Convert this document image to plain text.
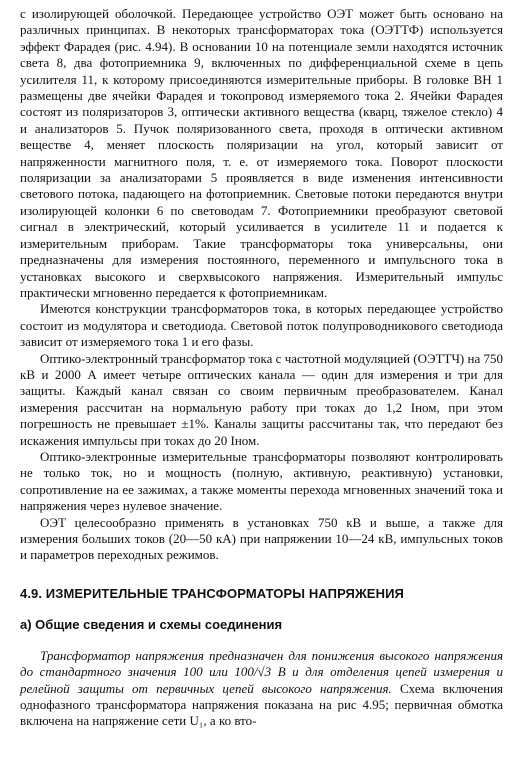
с изолирующей оболочкой. Передающее устройство ОЭТ может быть основано на различных принципах. В некоторых трансформаторах тока (ОЭТТФ) используется эффект Фарадея (рис. 4.94). В основании 10 на потенциале земли находятся источник света 8, два фотоприемника 9, включенных по дифференциальной схеме в цепь усилителя 11, к которому присоединяются измерительные приборы. В головке ВН 1 размещены две ячейки Фарадея и токопровод измеряемого тока 2. Ячейки Фарадея состоят из поляризаторов 3, оптически активного вещества (кварц, тяжелое стекло) 4 и анализаторов 5. Пучок поляризованного света, проходя в оптически активном веществе 4, меняет плоскость поляризации на угол, который зависит от напряженности магнитного поля, т. е. от измеряемого тока. Поворот плоскости поляризации за анализаторами 5 проявляется в виде изменения интенсивности светового потока, падающего на фотоприемник. Световые потоки передаются внутри изолирующей колонки 6 по световодам 7. Фотоприемники преобразуют световой сигнал в электрический, который усиливается в усилителе 11 и подается к измерительным приборам. Такие трансформаторы тока универсальны, они предназначены для измерения постоянного, переменного и импульсного тока в установках высокого и сверхвысокого напряжения. Измерительный импульс практически мгновенно передается к фотоприемникам.

Имеются конструкции трансформаторов тока, в которых передающее устройство состоит из модулятора и светодиода. Световой поток полупроводникового светодиода зависит от измеряемого тока 1 и его фазы.

Оптико-электронный трансформатор тока с частотной модуляцией (ОЭТТЧ) на 750 кВ и 2000 А имеет четыре оптических канала — один для измерения и три для защиты. Каждый канал связан со своим первичным преобразователем. Канал измерения рассчитан на нормальную работу при токах до 1,2 Iном, при этом погрешность не превышает ±1%. Каналы защиты рассчитаны так, что передают без искажения импульсы при токах до 20 Iном.

Оптико-электронные измерительные трансформаторы позволяют контролировать не только ток, но и мощность (полную, активную, реактивную) установки, сопротивление на ее зажимах, а также моменты перехода мгновенных значений тока и напряжения через нулевое значение.

ОЭТ целесообразно применять в установках 750 кВ и выше, а также для измерения больших токов (20—50 кА) при напряжении 10—24 кВ, импульсных токов и параметров переходных режимов.

4.9. ИЗМЕРИТЕЛЬНЫЕ ТРАНСФОРМАТОРЫ НАПРЯЖЕНИЯ
а) Общие сведения и схемы соединения

Трансформатор напряжения предназначен для понижения высокого напряжения до стандартного значения 100 или 100/√3 В и для отделения цепей измерения и релейной защиты от первичных цепей высокого напряжения. Схема включения однофазного трансформатора напряжения показана на рис 4.95; первичная обмотка включена на напряжение сети U₁, а ко вто-
